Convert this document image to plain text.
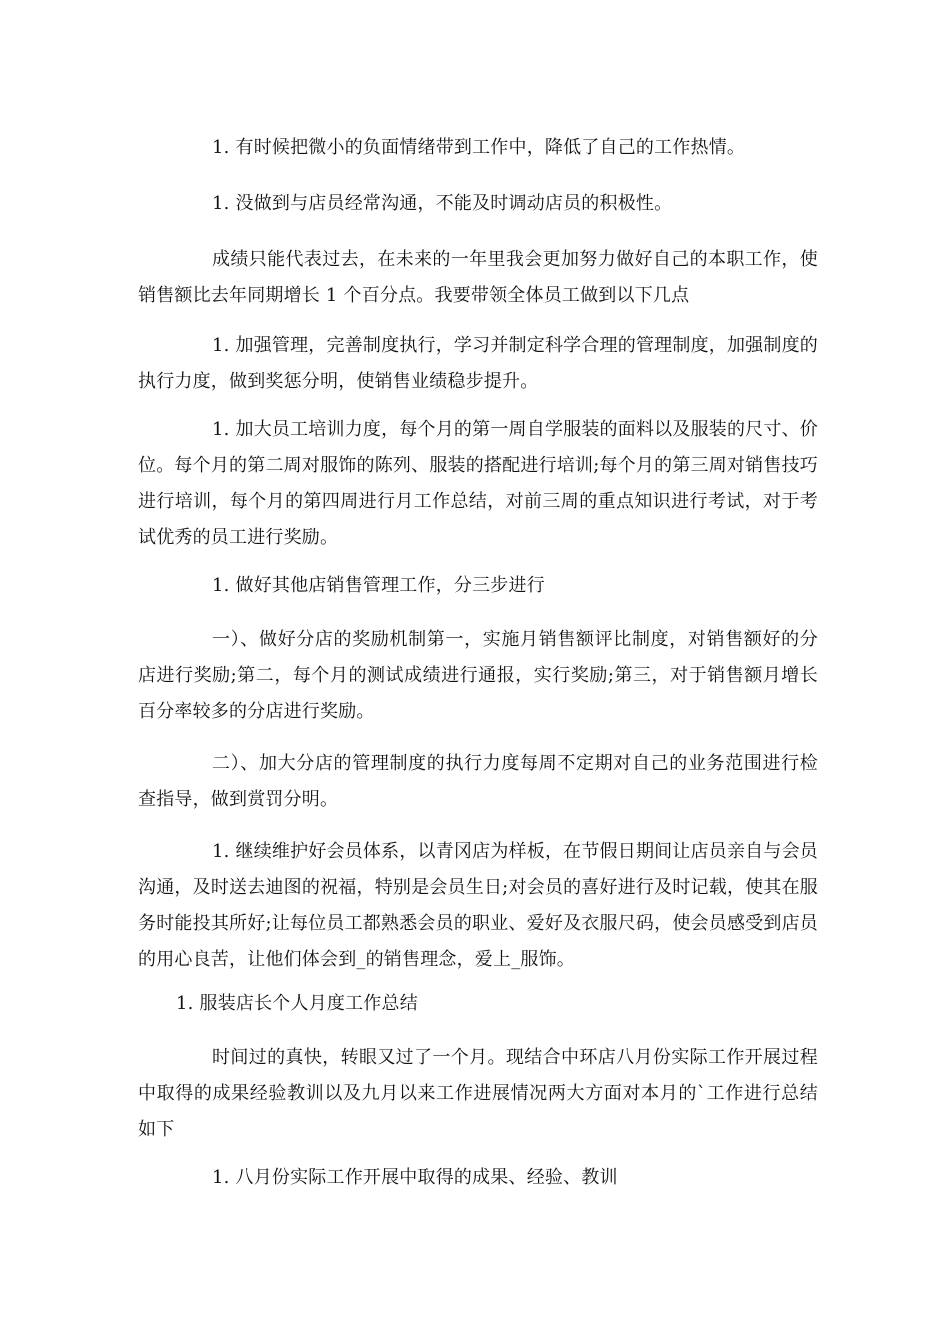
1. 有时候把微小的负面情绪带到工作中，降低了自己的工作热情。

1. 没做到与店员经常沟通，不能及时调动店员的积极性。

成绩只能代表过去，在未来的一年里我会更加努力做好自己的本职工作，使销售额比去年同期增长 1 个百分点。我要带领全体员工做到以下几点

1. 加强管理，完善制度执行，学习并制定科学合理的管理制度，加强制度的执行力度，做到奖惩分明，使销售业绩稳步提升。

1. 加大员工培训力度，每个月的第一周自学服装的面料以及服装的尺寸、价位。每个月的第二周对服饰的陈列、服装的搭配进行培训;每个月的第三周对销售技巧进行培训，每个月的第四周进行月工作总结，对前三周的重点知识进行考试，对于考试优秀的员工进行奖励。

1. 做好其他店销售管理工作，分三步进行

一）、做好分店的奖励机制第一，实施月销售额评比制度，对销售额好的分店进行奖励;第二，每个月的测试成绩进行通报，实行奖励;第三，对于销售额月增长百分率较多的分店进行奖励。

二）、加大分店的管理制度的执行力度每周不定期对自己的业务范围进行检查指导，做到赏罚分明。

1. 继续维护好会员体系，以青冈店为样板，在节假日期间让店员亲自与会员沟通，及时送去迪图的祝福，特别是会员生日;对会员的喜好进行及时记载，使其在服务时能投其所好;让每位员工都熟悉会员的职业、爱好及衣服尺码，使会员感受到店员的用心良苦，让他们体会到_的销售理念，爱上_服饰。

1. 服装店长个人月度工作总结

时间过的真快，转眼又过了一个月。现结合中环店八月份实际工作开展过程中取得的成果经验教训以及九月以来工作进展情况两大方面对本月的`工作进行总结如下

1. 八月份实际工作开展中取得的成果、经验、教训
